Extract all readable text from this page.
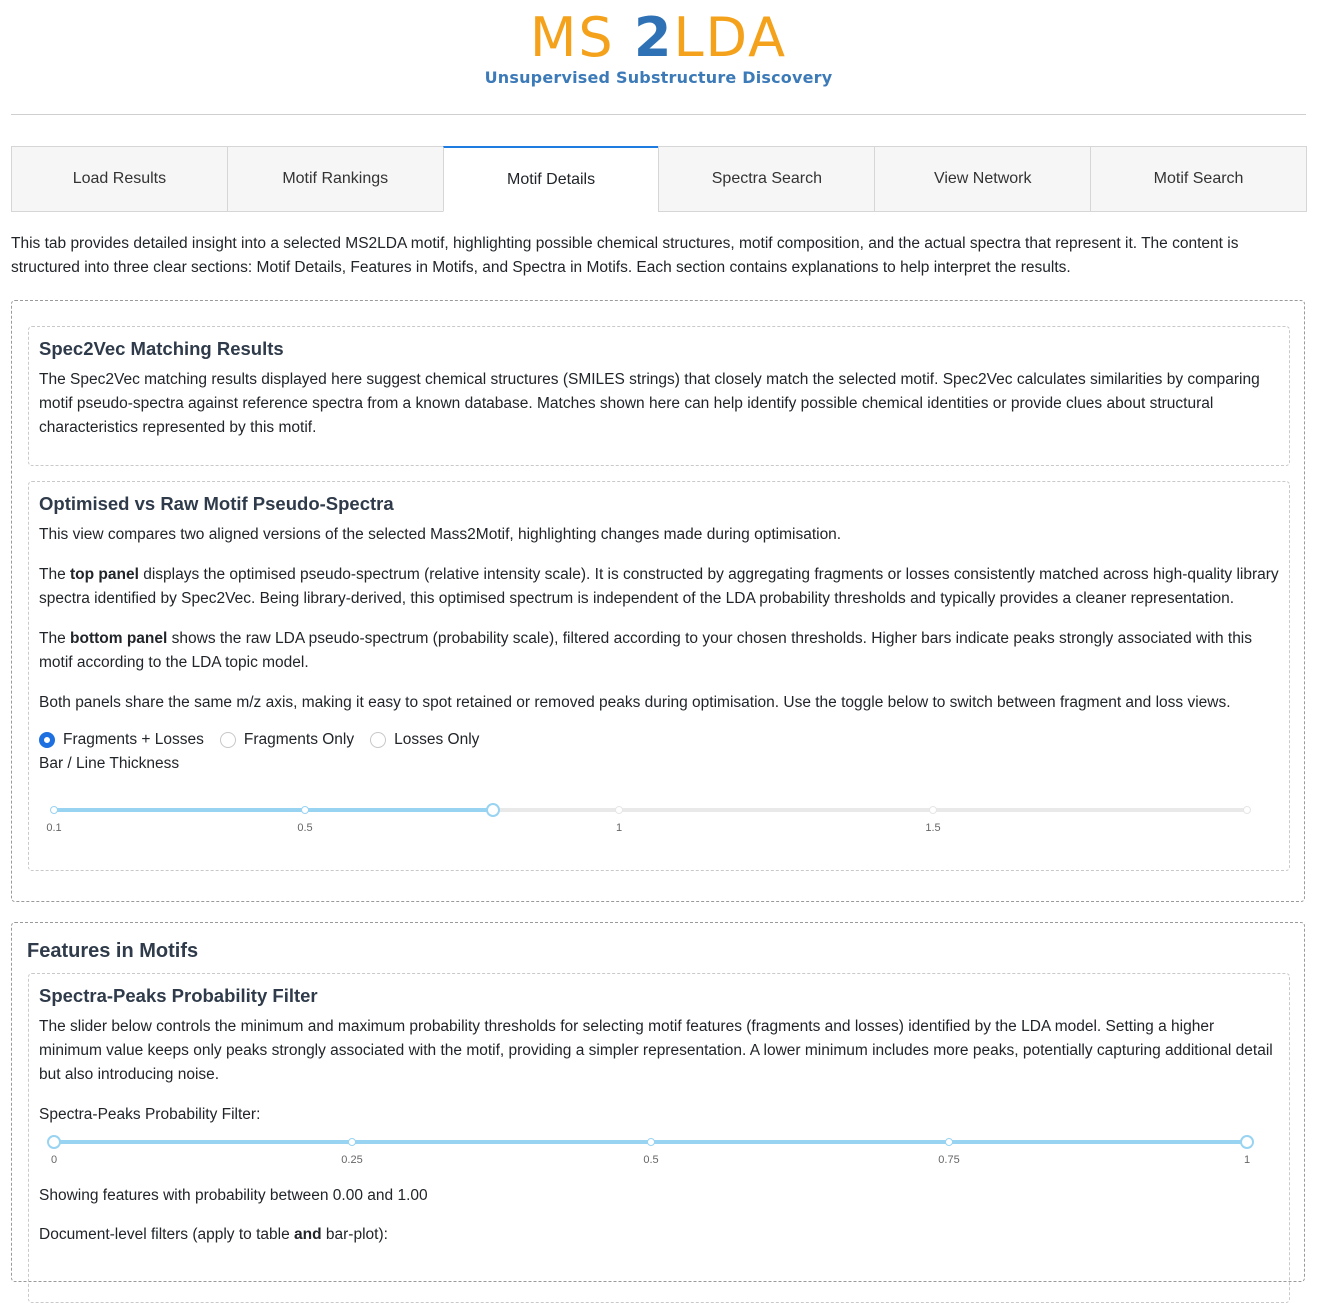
MS 2LDA
Unsupervised Substructure Discovery
Load Results	Motif Rankings	Motif Details	Spectra Search	View Network	Motif Search

This tab provides detailed insight into a selected MS2LDA motif, highlighting possible chemical structures, motif composition, and the actual spectra that represent it. The content is structured into three clear sections: Motif Details, Features in Motifs, and Spectra in Motifs. Each section contains explanations to help interpret the results.

Spec2Vec Matching Results

The Spec2Vec matching results displayed here suggest chemical structures (SMILES strings) that closely match the selected motif. Spec2Vec calculates similarities by comparing motif pseudo-spectra against reference spectra from a known database. Matches shown here can help identify possible chemical identities or provide clues about structural characteristics represented by this motif.

Optimised vs Raw Motif Pseudo-Spectra

This view compares two aligned versions of the selected Mass2Motif, highlighting changes made during optimisation.

The top panel displays the optimised pseudo-spectrum (relative intensity scale). It is constructed by aggregating fragments or losses consistently matched across high-quality library spectra identified by Spec2Vec. Being library-derived, this optimised spectrum is independent of the LDA probability thresholds and typically provides a cleaner representation.

The bottom panel shows the raw LDA pseudo-spectrum (probability scale), filtered according to your chosen thresholds. Higher bars indicate peaks strongly associated with this motif according to the LDA topic model.

Both panels share the same m/z axis, making it easy to spot retained or removed peaks during optimisation. Use the toggle below to switch between fragment and loss views.

Fragments + Losses	Fragments Only	Losses Only
Bar / Line Thickness
0.1	0.5	1	1.5
Features in Motifs
Spectra-Peaks Probability Filter

The slider below controls the minimum and maximum probability thresholds for selecting motif features (fragments and losses) identified by the LDA model. Setting a higher minimum value keeps only peaks strongly associated with the motif, providing a simpler representation. A lower minimum includes more peaks, potentially capturing additional detail but also introducing noise.

Spectra-Peaks Probability Filter:

0	0.25	0.5	0.75	1

Showing features with probability between 0.00 and 1.00

Document-level filters (apply to table and bar-plot):
